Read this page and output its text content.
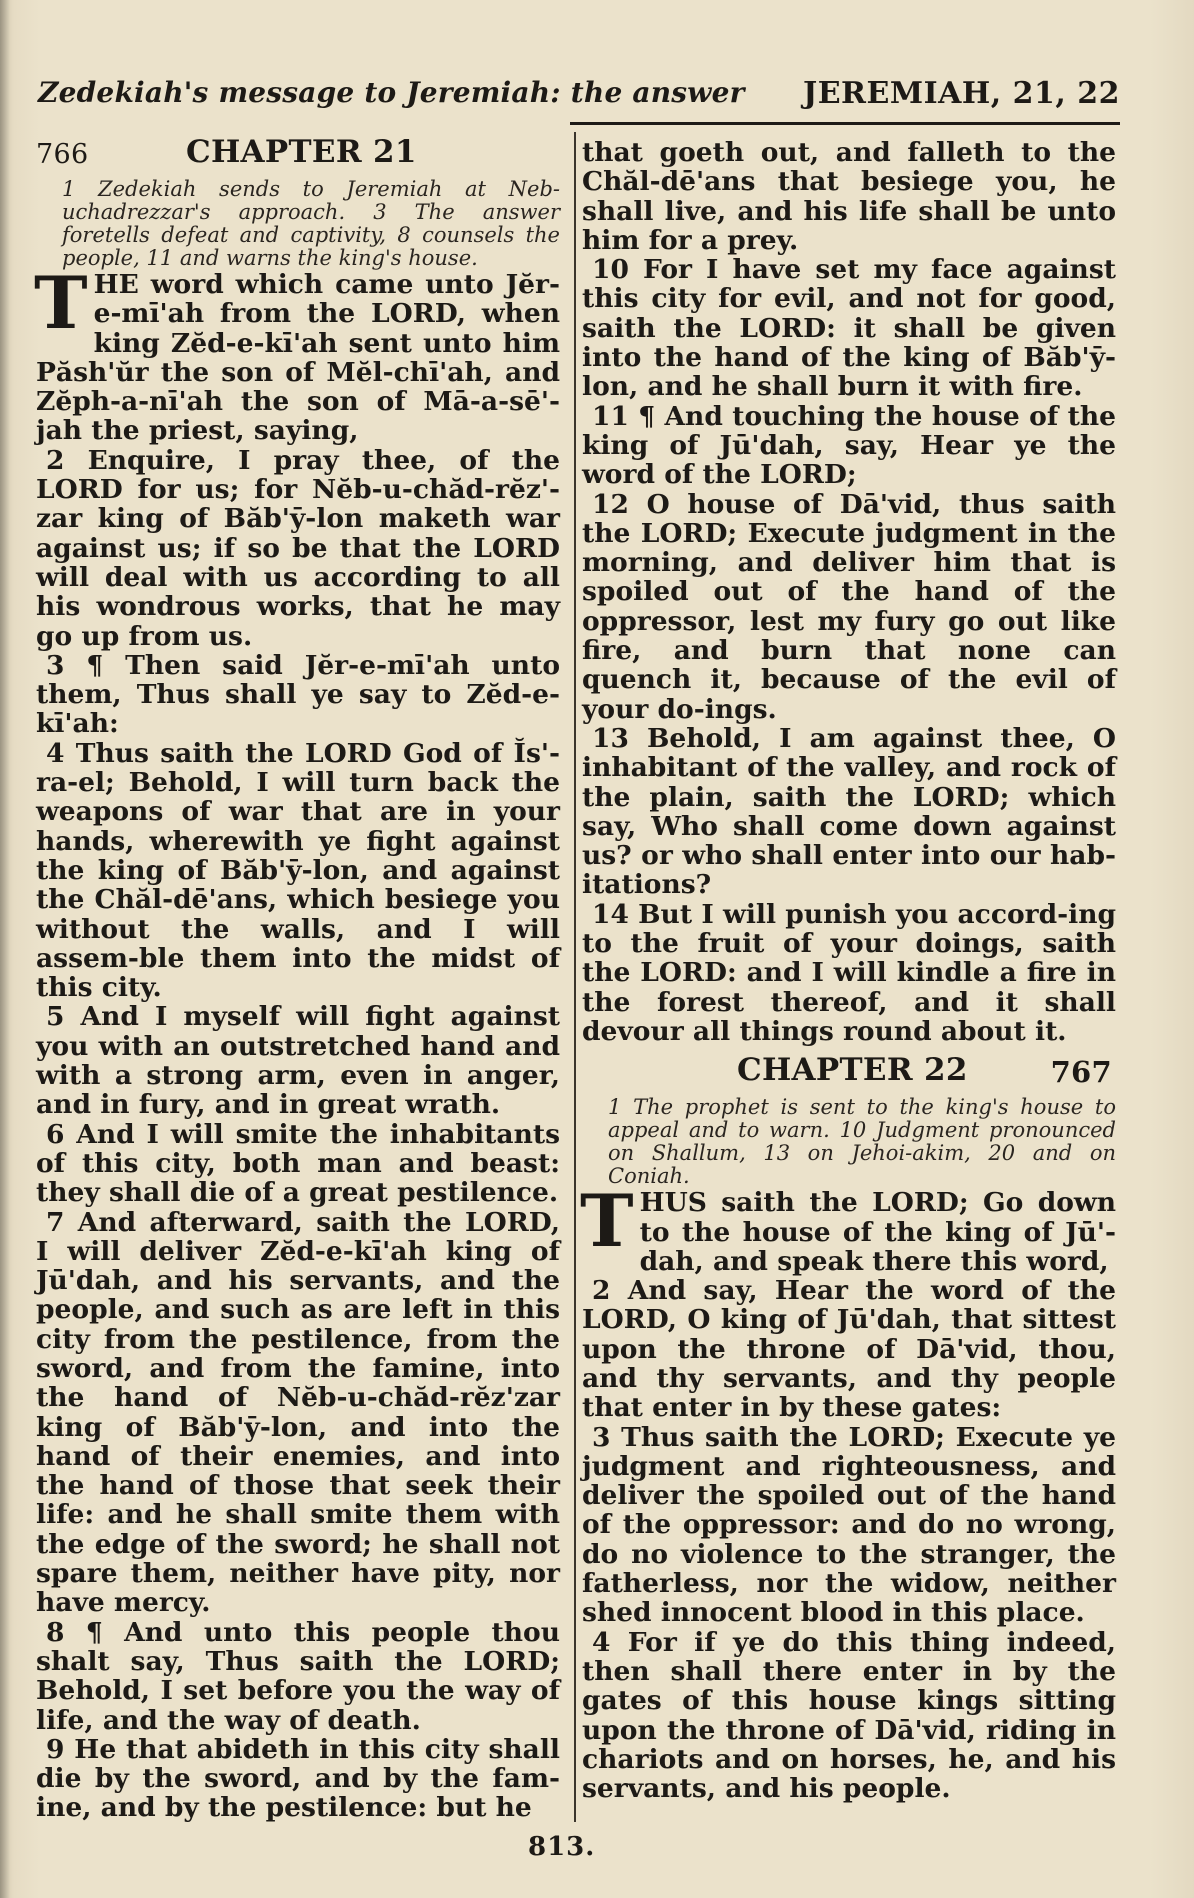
Zedekiah's message to Jeremiah: the answer JEREMIAH, 21, 22
766	CHAPTER 21

1 Zedekiah sends to Jeremiah at Neb-uchadrezzar's approach. 3 The answer foretells defeat and captivity, 8 counsels the people, 11 and warns the king's house.

T HE word which came unto Jĕr-e-mī'ah from the LORD, when king Zĕd-e-kī'ah sent unto him Păsh'ŭr the son of Mĕl-chī'ah, and Zĕph-a-nī'ah the son of Mā-a-sē'-jah the priest, saying,

2 Enquire, I pray thee, of the LORD for us; for Nĕb-u-chăd-rĕz'-zar king of Băb'ȳ-lon maketh war against us; if so be that the LORD will deal with us according to all his wondrous works, that he may go up from us.

3 ¶ Then said Jĕr-e-mī'ah unto them, Thus shall ye say to Zĕd-e-kī'ah:

4 Thus saith the LORD God of Ĭs'-ra-el; Behold, I will turn back the weapons of war that are in your hands, wherewith ye fight against the king of Băb'ȳ-lon, and against the Chăl-dē'ans, which besiege you without the walls, and I will assem-ble them into the midst of this city.

5 And I myself will fight against you with an outstretched hand and with a strong arm, even in anger, and in fury, and in great wrath.

6 And I will smite the inhabitants of this city, both man and beast: they shall die of a great pestilence.

7 And afterward, saith the LORD, I will deliver Zĕd-e-kī'ah king of Jū'dah, and his servants, and the people, and such as are left in this city from the pestilence, from the sword, and from the famine, into the hand of Nĕb-u-chăd-rĕz'zar king of Băb'ȳ-lon, and into the hand of their enemies, and into the hand of those that seek their life: and he shall smite them with the edge of the sword; he shall not spare them, neither have pity, nor have mercy.

8 ¶ And unto this people thou shalt say, Thus saith the LORD; Behold, I set before you the way of life, and the way of death.

9 He that abideth in this city shall die by the sword, and by the fam-ine, and by the pestilence: but he

that goeth out, and falleth to the Chăl-dē'ans that besiege you, he shall live, and his life shall be unto him for a prey.

10 For I have set my face against this city for evil, and not for good, saith the LORD: it shall be given into the hand of the king of Băb'ȳ-lon, and he shall burn it with fire.

11 ¶ And touching the house of the king of Jū'dah, say, Hear ye the word of the LORD;

12 O house of Dā'vid, thus saith the LORD; Execute judgment in the morning, and deliver him that is spoiled out of the hand of the oppressor, lest my fury go out like fire, and burn that none can quench it, because of the evil of your do-ings.

13 Behold, I am against thee, O inhabitant of the valley, and rock of the plain, saith the LORD; which say, Who shall come down against us? or who shall enter into our hab-itations?

14 But I will punish you accord-ing to the fruit of your doings, saith the LORD: and I will kindle a fire in the forest thereof, and it shall devour all things round about it.

CHAPTER 22	767

1 The prophet is sent to the king's house to appeal and to warn. 10 Judgment pronounced on Shallum, 13 on Jehoi-akim, 20 and on Coniah.

T HUS saith the LORD; Go down to the house of the king of Jū'-dah, and speak there this word,

2 And say, Hear the word of the LORD, O king of Jū'dah, that sittest upon the throne of Dā'vid, thou, and thy servants, and thy people that enter in by these gates:

3 Thus saith the LORD; Execute ye judgment and righteousness, and deliver the spoiled out of the hand of the oppressor: and do no wrong, do no violence to the stranger, the fatherless, nor the widow, neither shed innocent blood in this place.

4 For if ye do this thing indeed, then shall there enter in by the gates of this house kings sitting upon the throne of Dā'vid, riding in chariots and on horses, he, and his servants, and his people.

813.
